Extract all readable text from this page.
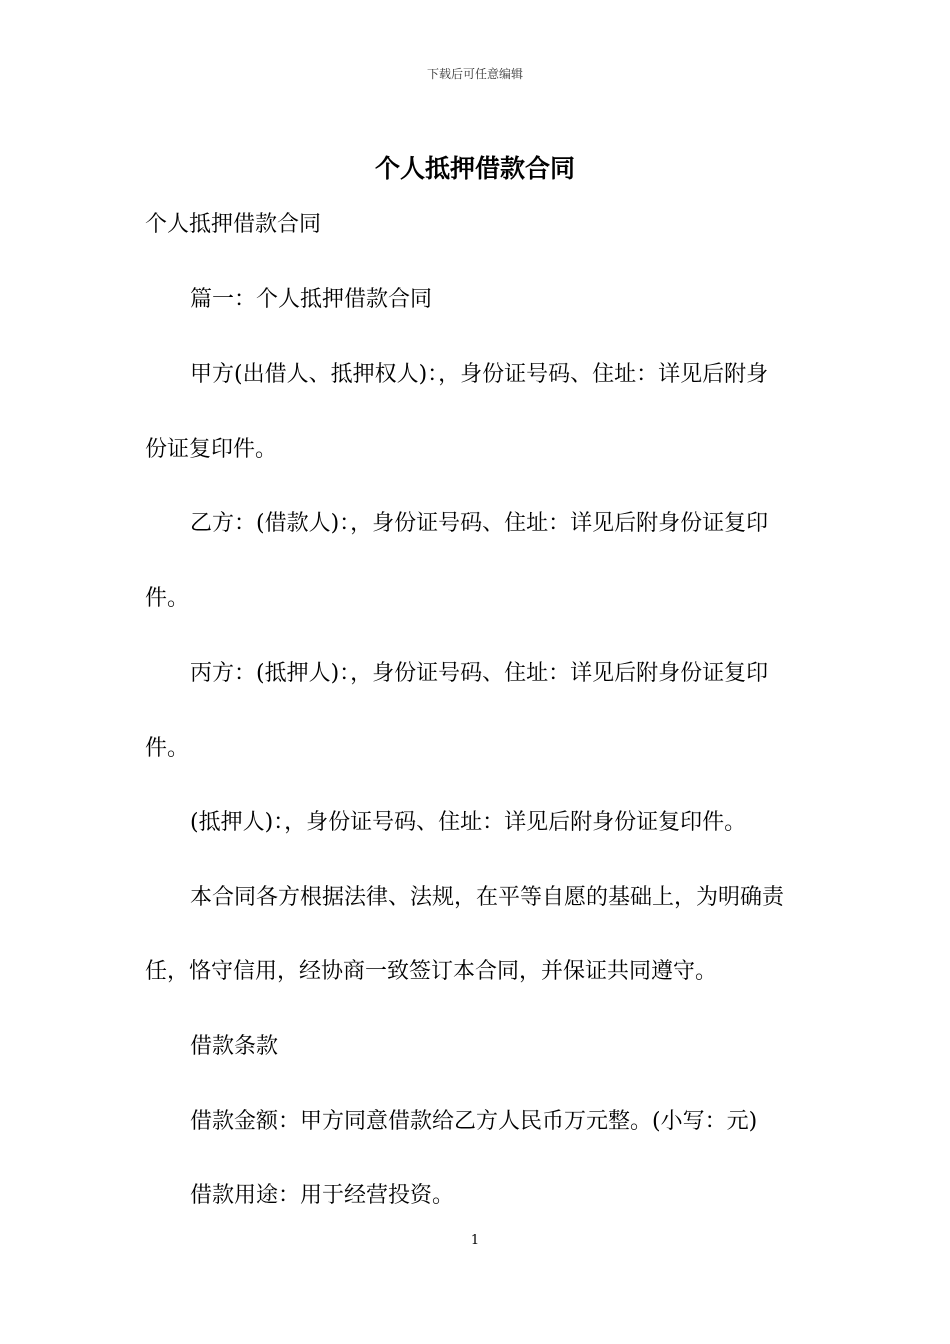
下载后可任意编辑
个人抵押借款合同
个人抵押借款合同
篇一：个人抵押借款合同
甲方(出借人、抵押权人)：，身份证号码、住址：详见后附身
份证复印件。
乙方：(借款人)：，身份证号码、住址：详见后附身份证复印
件。
丙方：(抵押人)：，身份证号码、住址：详见后附身份证复印
件。
(抵押人)：，身份证号码、住址：详见后附身份证复印件。
本合同各方根据法律、法规，在平等自愿的基础上，为明确责
任，恪守信用，经协商一致签订本合同，并保证共同遵守。
借款条款
借款金额：甲方同意借款给乙方人民币万元整。(小写：元)
借款用途：用于经营投资。
1
